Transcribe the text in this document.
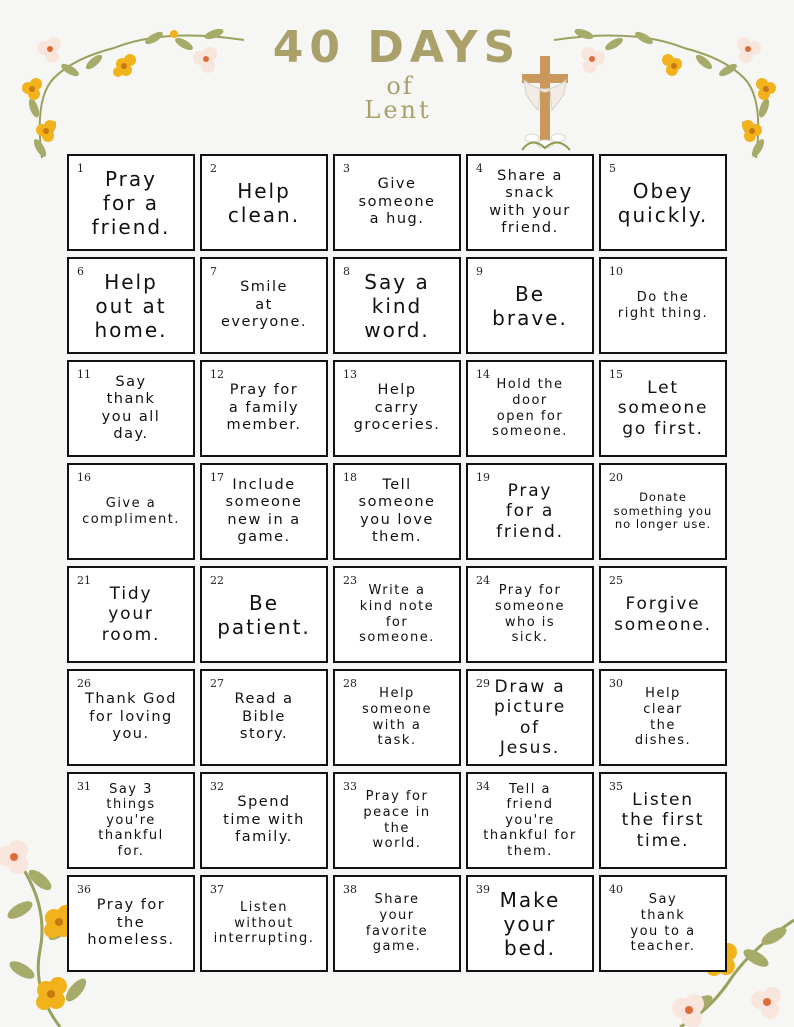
40 DAYS
of
Lent
1	Pray
for a
friend.
2
Help
clean.
3
Give
someone
a hug.
4 Share a
snack
with your
friend.
5
Obey
quickly.
6	Help
out at
home.
7
Smile
at
everyone.
8 Say a
kind
word.
9
Be
brave.
10
Do the
right thing.
11	Say
thank
you all
day.
12
Pray for
a family
member.
13
Help
carry
groceries.
14
Hold the
door
open for
someone.
15
Let
someone
go first.
16
Give a
compliment.
17 Include
someone
new in a
game.
18	Tell
someone
you love
them.
19
Pray
for a
friend.
20
Donate
something you
no longer use.
21
Tidy
your
room.
22
Be
patient.
23
Write a
kind note
for
someone.
24
Pray for
someone
who is
sick.
25
Forgive
someone.
26
Thank God
for loving
you.
27
Read a
Bible
story.
28
Help
someone
with a
task.
29 Draw a
picture
of
Jesus.
30
Help
clear
the
dishes.
31	Say 3
things
you're
thankful
for.
32
Spend
time with
family.
33
Pray for
peace in
the
world.
34	Tell a
friend
you're
thankful for
them.
35
Listen
the first
time.
36
Pray for
the
homeless.
37
Listen
without
interrupting.
38
Share
your
favorite
game.
39 Make
your
bed.
40
Say
thank
you to a
teacher.
